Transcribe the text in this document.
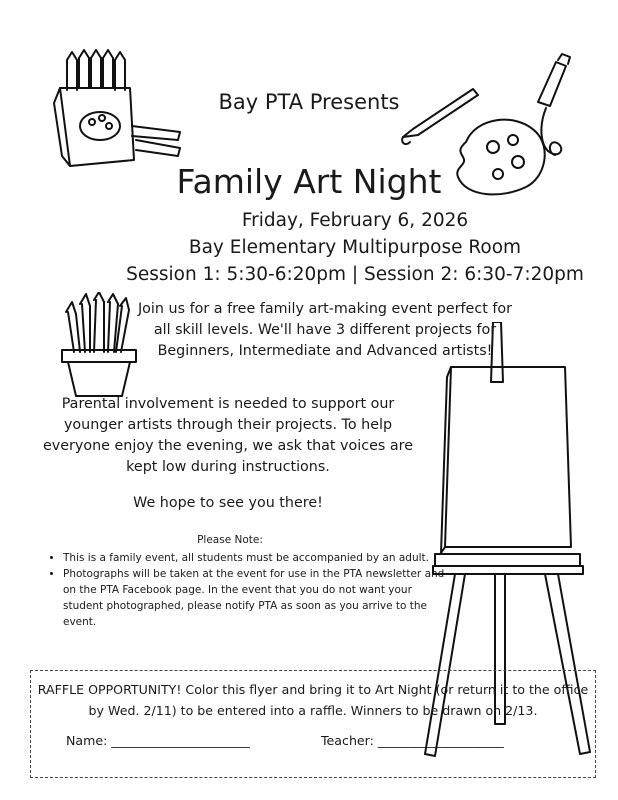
Bay PTA Presents
Family Art Night
Friday, February 6, 2026
Bay Elementary Multipurpose Room
Session 1: 5:30-6:20pm | Session 2: 6:30-7:20pm
Join us for a free family art-making event perfect for all skill levels. We'll have 3 different projects for Beginners, Intermediate and Advanced artists!
Parental involvement is needed to support our younger artists through their projects. To help everyone enjoy the evening, we ask that voices are kept low during instructions.
We hope to see you there!
Please Note:
• This is a family event, all students must be accompanied by an adult.
• Photographs will be taken at the event for use in the PTA newsletter and on the PTA Facebook page. In the event that you do not want your student photographed, please notify PTA as soon as you arrive to the event.
RAFFLE OPPORTUNITY! Color this flyer and bring it to Art Night (or return it to the office by Wed. 2/11) to be entered into a raffle. Winners to be drawn on 2/13.
Name: ______________________	Teacher: ____________________
